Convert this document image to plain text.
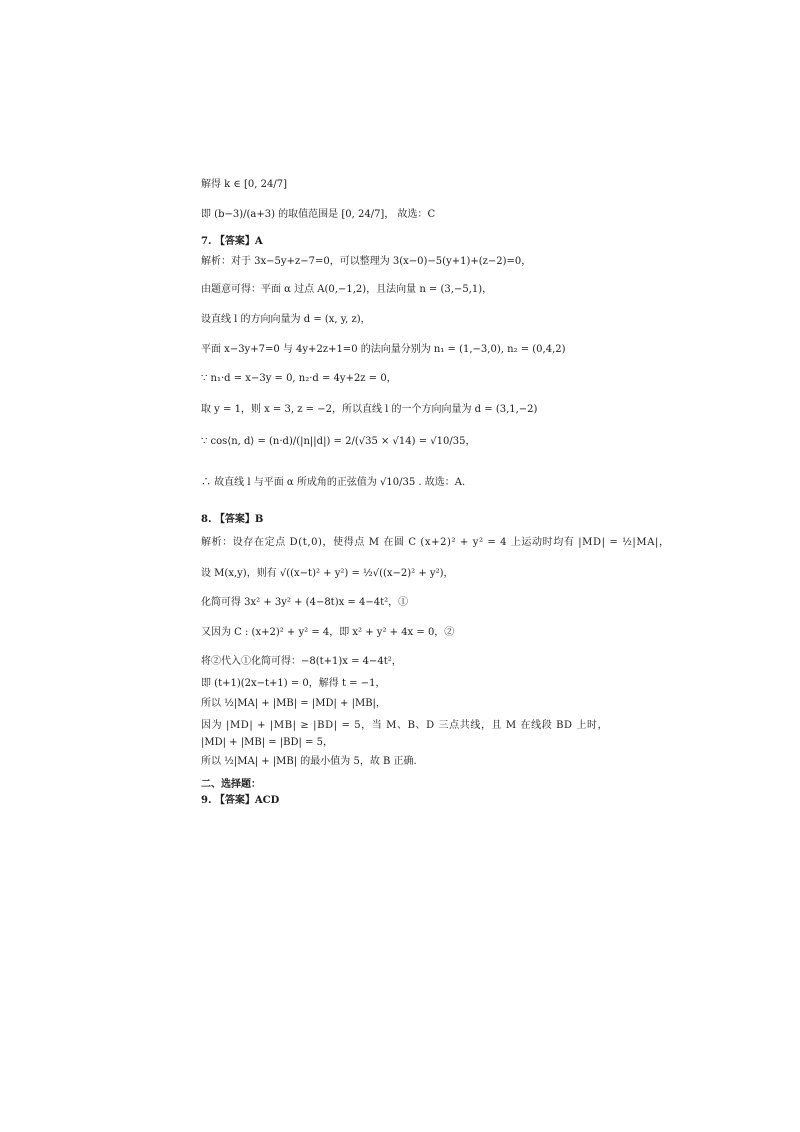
解得 k ∈ [0, 24/7]
即 (b−3)/(a+3) 的取值范围是 [0, 24/7]， 故选：C
7. 【答案】A
解析：对于 3x−5y+z−7=0，可以整理为 3(x−0)−5(y+1)+(z−2)=0，
由题意可得：平面 α 过点 A(0,−1,2)，且法向量 n = (3,−5,1)，
设直线 l 的方向向量为 d = (x, y, z)，
平面 x−3y+7=0 与 4y+2z+1=0 的法向量分别为 n₁ = (1,−3,0), n₂ = (0,4,2)
∵ n₁·d = x−3y = 0, n₂·d = 4y+2z = 0，
取 y = 1，则 x = 3, z = −2，所以直线 l 的一个方向向量为 d = (3,1,−2)
∵ cos⟨n, d⟩ = (n·d)/(|n||d|) = 2/(√35 × √14) = √10/35，
∴ 故直线 l 与平面 α 所成角的正弦值为 √10/35 . 故选：A.
8. 【答案】B
解析：设存在定点 D(t,0)，使得点 M 在圆 C (x+2)² + y² = 4 上运动时均有 |MD| = ½|MA|，
设 M(x,y)，则有 √((x−t)² + y²) = ½√((x−2)² + y²)，
化简可得 3x² + 3y² + (4−8t)x = 4−4t²，①
又因为 C : (x+2)² + y² = 4，即 x² + y² + 4x = 0，②
将②代入①化简可得：−8(t+1)x = 4−4t²，
即 (t+1)(2x−t+1) = 0，解得 t = −1，
所以 ½|MA| + |MB| = |MD| + |MB|，
因为 |MD| + |MB| ≥ |BD| = 5，当 M、B、D 三点共线，且 M 在线段 BD 上时，
|MD| + |MB| = |BD| = 5，
所以 ½|MA| + |MB| 的最小值为 5，故 B 正确.
二、选择题：
9. 【答案】ACD
